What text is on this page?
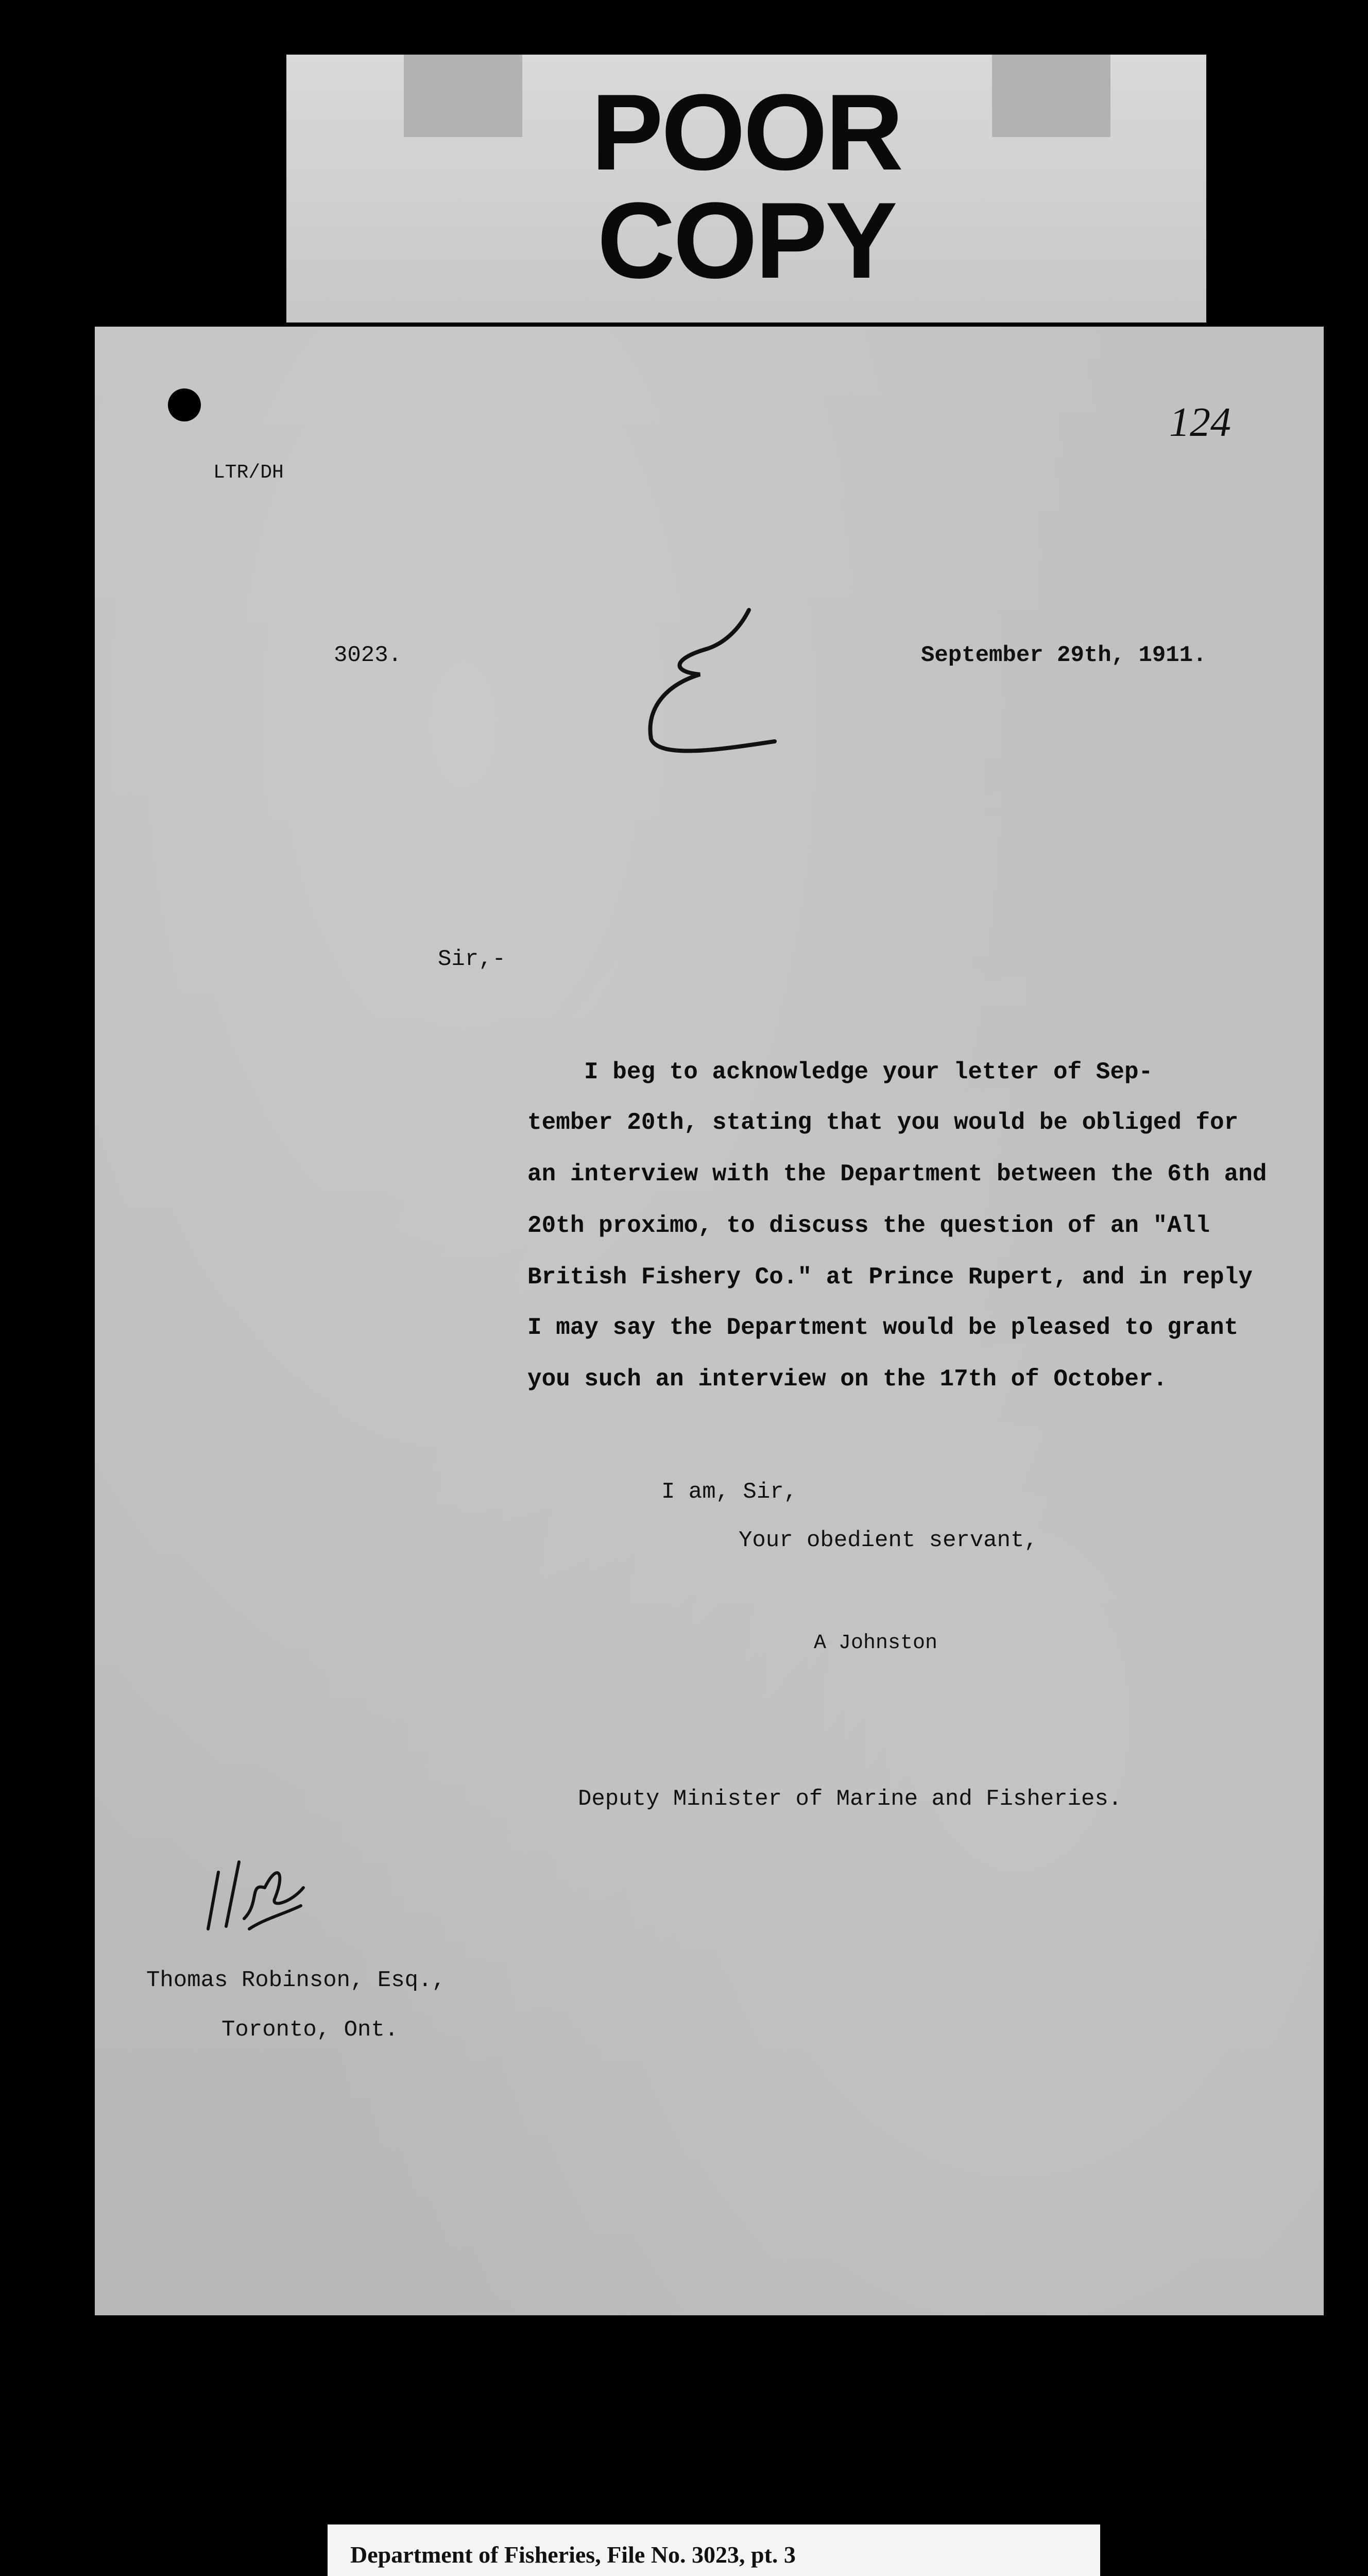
POOR
COPY
124
LTR/DH
3023.	September 29th, 1911.
Sir,-
I beg to acknowledge your letter of Sep-
tember 20th, stating that you would be obliged for
an interview with the Department between the 6th and
20th proximo, to discuss the question of an "All
British Fishery Co." at Prince Rupert, and in reply
I may say the Department would be pleased to grant
you such an interview on the 17th of October.
I am, Sir,
Your obedient servant,
A Johnston
Deputy Minister of Marine and Fisheries.
Thomas Robinson, Esq.,
Toronto, Ont.
Department of Fisheries, File No. 3023, pt. 3
